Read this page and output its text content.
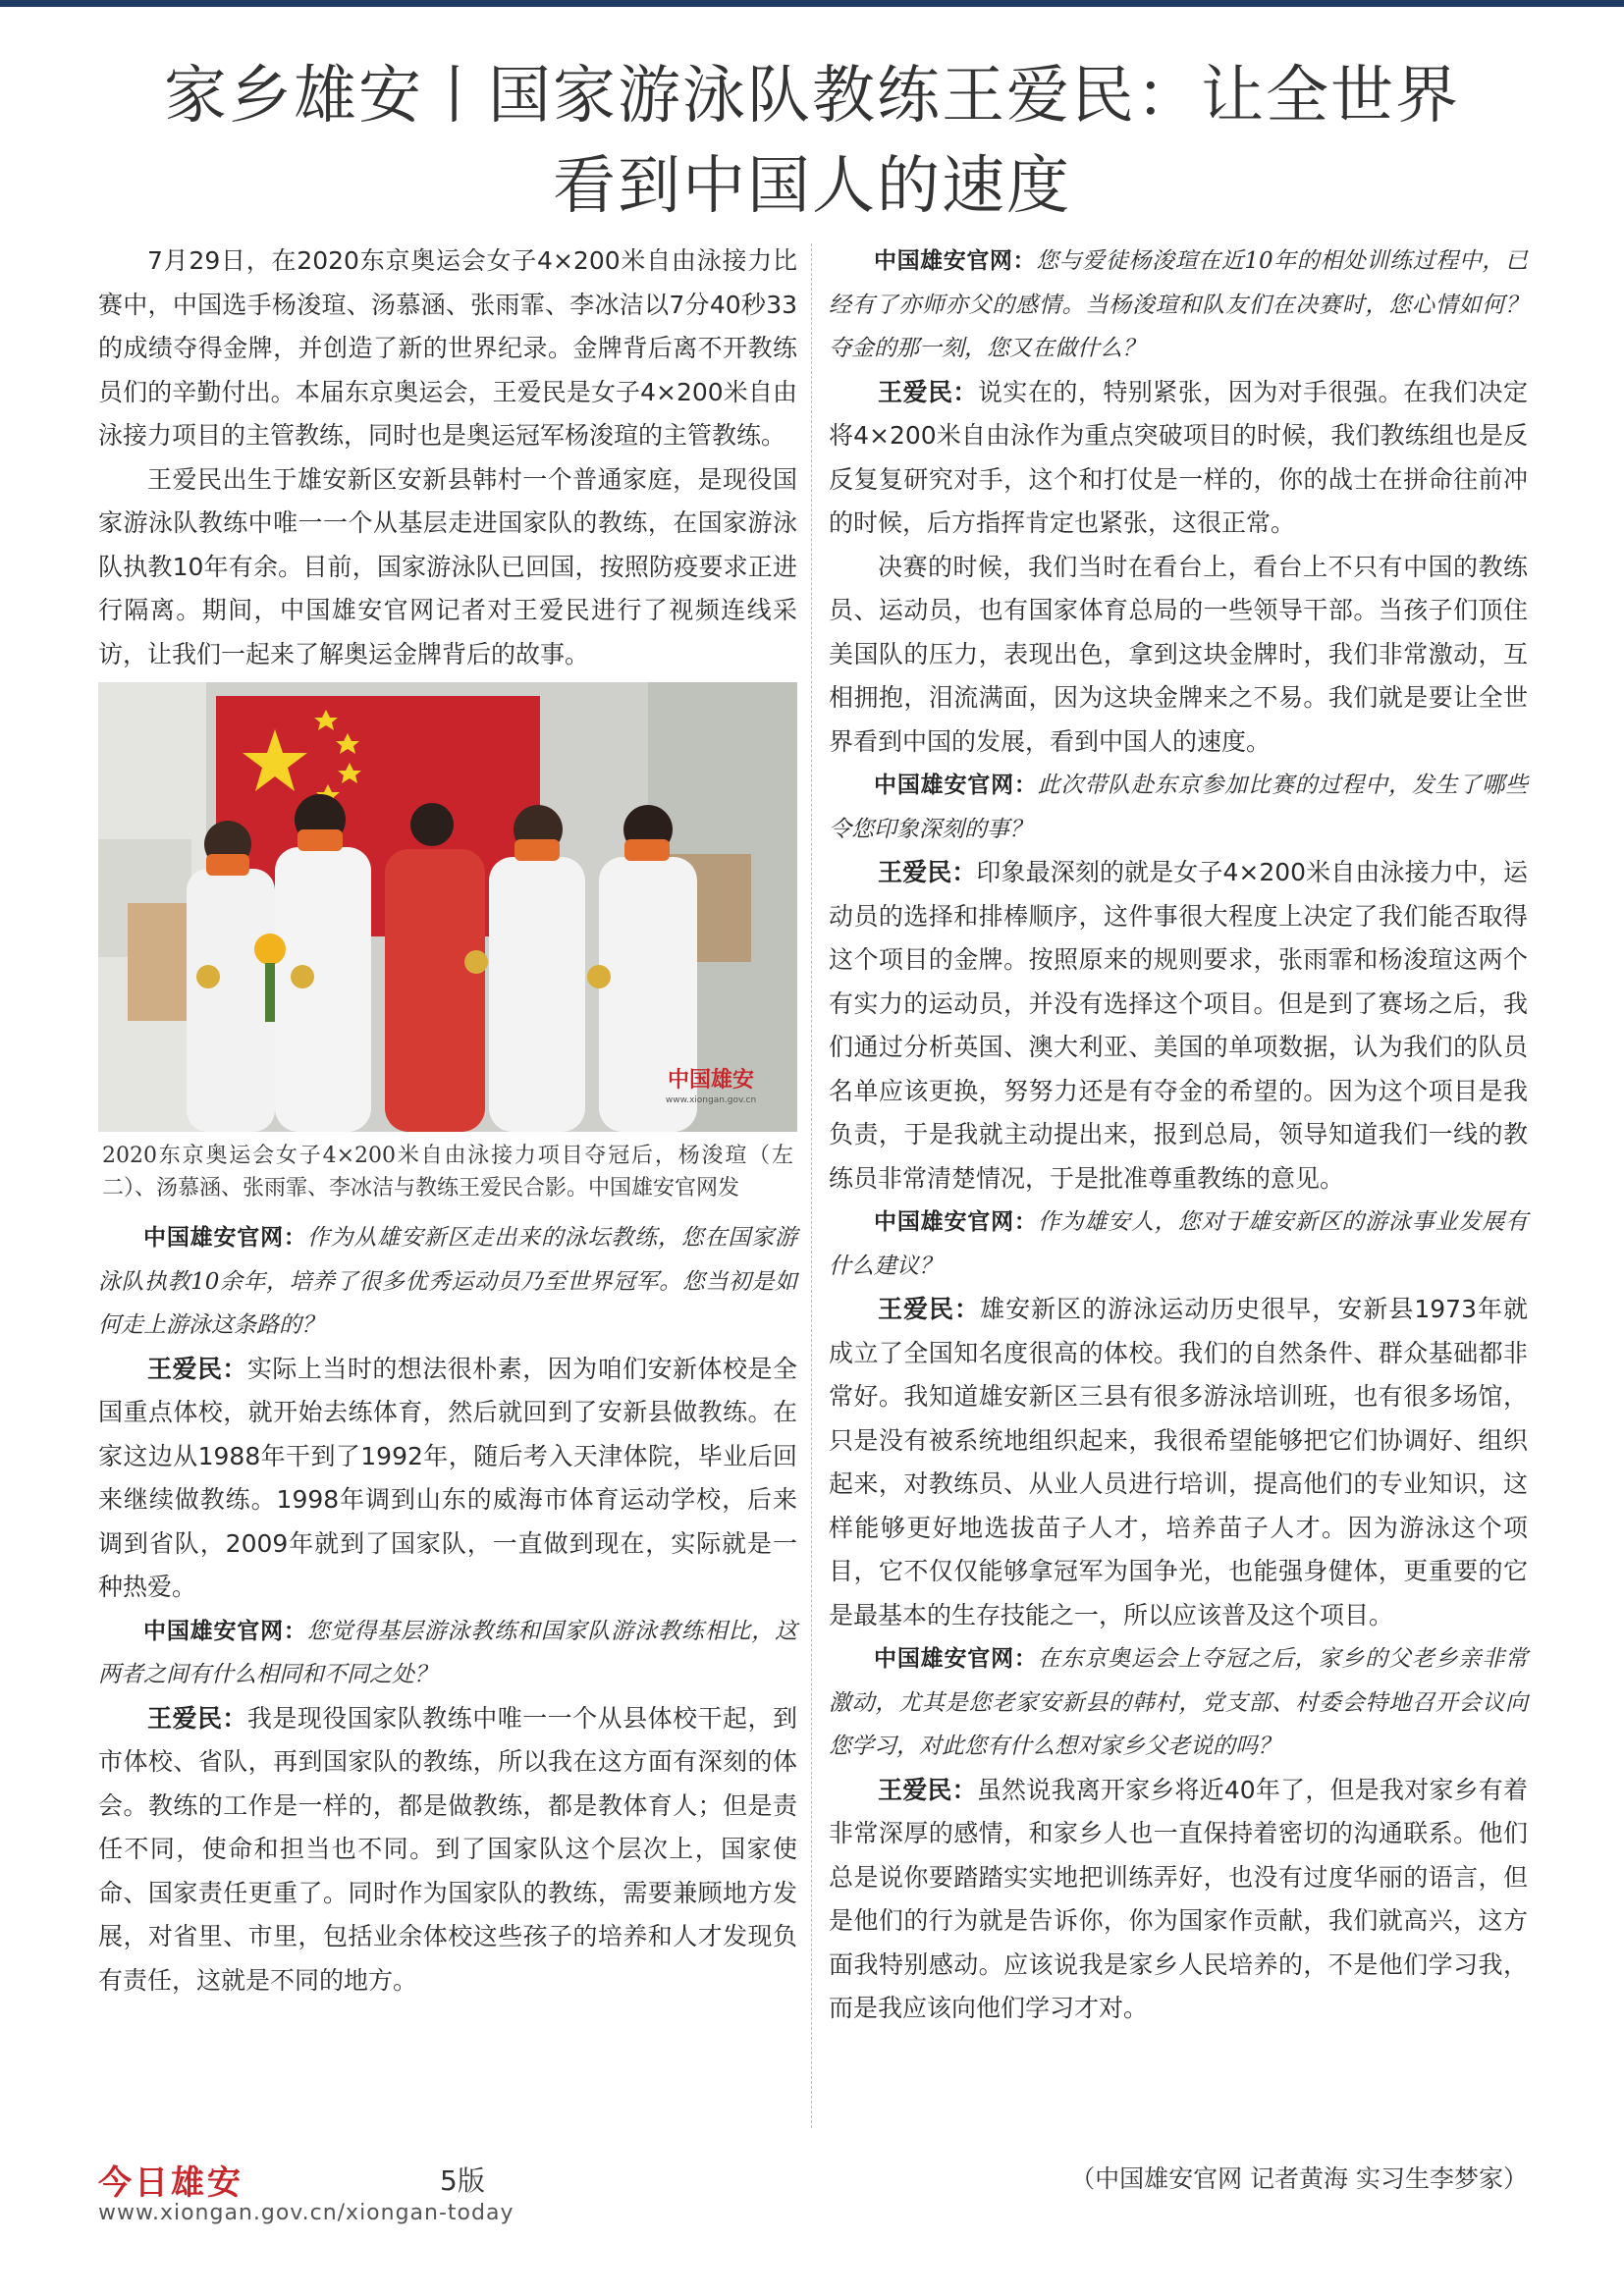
家乡雄安丨国家游泳队教练王爱民：让全世界
看到中国人的速度

7月29日，在2020东京奥运会女子4×200米自由泳接力比赛中，中国选手杨浚瑄、汤慕涵、张雨霏、李冰洁以7分40秒33的成绩夺得金牌，并创造了新的世界纪录。金牌背后离不开教练员们的辛勤付出。本届东京奥运会，王爱民是女子4×200米自由泳接力项目的主管教练，同时也是奥运冠军杨浚瑄的主管教练。

王爱民出生于雄安新区安新县韩村一个普通家庭，是现役国家游泳队教练中唯一一个从基层走进国家队的教练，在国家游泳队执教10年有余。目前，国家游泳队已回国，按照防疫要求正进行隔离。期间，中国雄安官网记者对王爱民进行了视频连线采访，让我们一起来了解奥运金牌背后的故事。

中国雄安
www.xiongan.gov.cn
2020东京奥运会女子4×200米自由泳接力项目夺冠后，杨浚瑄（左二）、汤慕涵、张雨霏、李冰洁与教练王爱民合影。中国雄安官网发

中国雄安官网：作为从雄安新区走出来的泳坛教练，您在国家游泳队执教10余年，培养了很多优秀运动员乃至世界冠军。您当初是如何走上游泳这条路的？

王爱民：实际上当时的想法很朴素，因为咱们安新体校是全国重点体校，就开始去练体育，然后就回到了安新县做教练。在家这边从1988年干到了1992年，随后考入天津体院，毕业后回来继续做教练。1998年调到山东的威海市体育运动学校，后来调到省队，2009年就到了国家队，一直做到现在，实际就是一种热爱。

中国雄安官网：您觉得基层游泳教练和国家队游泳教练相比，这两者之间有什么相同和不同之处？

王爱民：我是现役国家队教练中唯一一个从县体校干起，到市体校、省队，再到国家队的教练，所以我在这方面有深刻的体会。教练的工作是一样的，都是做教练，都是教体育人；但是责任不同，使命和担当也不同。到了国家队这个层次上，国家使命、国家责任更重了。同时作为国家队的教练，需要兼顾地方发展，对省里、市里，包括业余体校这些孩子的培养和人才发现负有责任，这就是不同的地方。

中国雄安官网：您与爱徒杨浚瑄在近10年的相处训练过程中，已经有了亦师亦父的感情。当杨浚瑄和队友们在决赛时，您心情如何？夺金的那一刻，您又在做什么？

王爱民：说实在的，特别紧张，因为对手很强。在我们决定将4×200米自由泳作为重点突破项目的时候，我们教练组也是反反复复研究对手，这个和打仗是一样的，你的战士在拼命往前冲的时候，后方指挥肯定也紧张，这很正常。

决赛的时候，我们当时在看台上，看台上不只有中国的教练员、运动员，也有国家体育总局的一些领导干部。当孩子们顶住美国队的压力，表现出色，拿到这块金牌时，我们非常激动，互相拥抱，泪流满面，因为这块金牌来之不易。我们就是要让全世界看到中国的发展，看到中国人的速度。

中国雄安官网：此次带队赴东京参加比赛的过程中，发生了哪些令您印象深刻的事？

王爱民：印象最深刻的就是女子4×200米自由泳接力中，运动员的选择和排棒顺序，这件事很大程度上决定了我们能否取得这个项目的金牌。按照原来的规则要求，张雨霏和杨浚瑄这两个有实力的运动员，并没有选择这个项目。但是到了赛场之后，我们通过分析英国、澳大利亚、美国的单项数据，认为我们的队员名单应该更换，努努力还是有夺金的希望的。因为这个项目是我负责，于是我就主动提出来，报到总局，领导知道我们一线的教练员非常清楚情况，于是批准尊重教练的意见。

中国雄安官网：作为雄安人，您对于雄安新区的游泳事业发展有什么建议？

王爱民：雄安新区的游泳运动历史很早，安新县1973年就成立了全国知名度很高的体校。我们的自然条件、群众基础都非常好。我知道雄安新区三县有很多游泳培训班，也有很多场馆，只是没有被系统地组织起来，我很希望能够把它们协调好、组织起来，对教练员、从业人员进行培训，提高他们的专业知识，这样能够更好地选拔苗子人才，培养苗子人才。因为游泳这个项目，它不仅仅能够拿冠军为国争光，也能强身健体，更重要的它是最基本的生存技能之一，所以应该普及这个项目。

中国雄安官网：在东京奥运会上夺冠之后，家乡的父老乡亲非常激动，尤其是您老家安新县的韩村，党支部、村委会特地召开会议向您学习，对此您有什么想对家乡父老说的吗？

王爱民：虽然说我离开家乡将近40年了，但是我对家乡有着非常深厚的感情，和家乡人也一直保持着密切的沟通联系。他们总是说你要踏踏实实地把训练弄好，也没有过度华丽的语言，但是他们的行为就是告诉你，你为国家作贡献，我们就高兴，这方面我特别感动。应该说我是家乡人民培养的，不是他们学习我，而是我应该向他们学习才对。

今日雄安	5版
www.xiongan.gov.cn/xiongan-today
（中国雄安官网 记者黄海 实习生李梦家）
